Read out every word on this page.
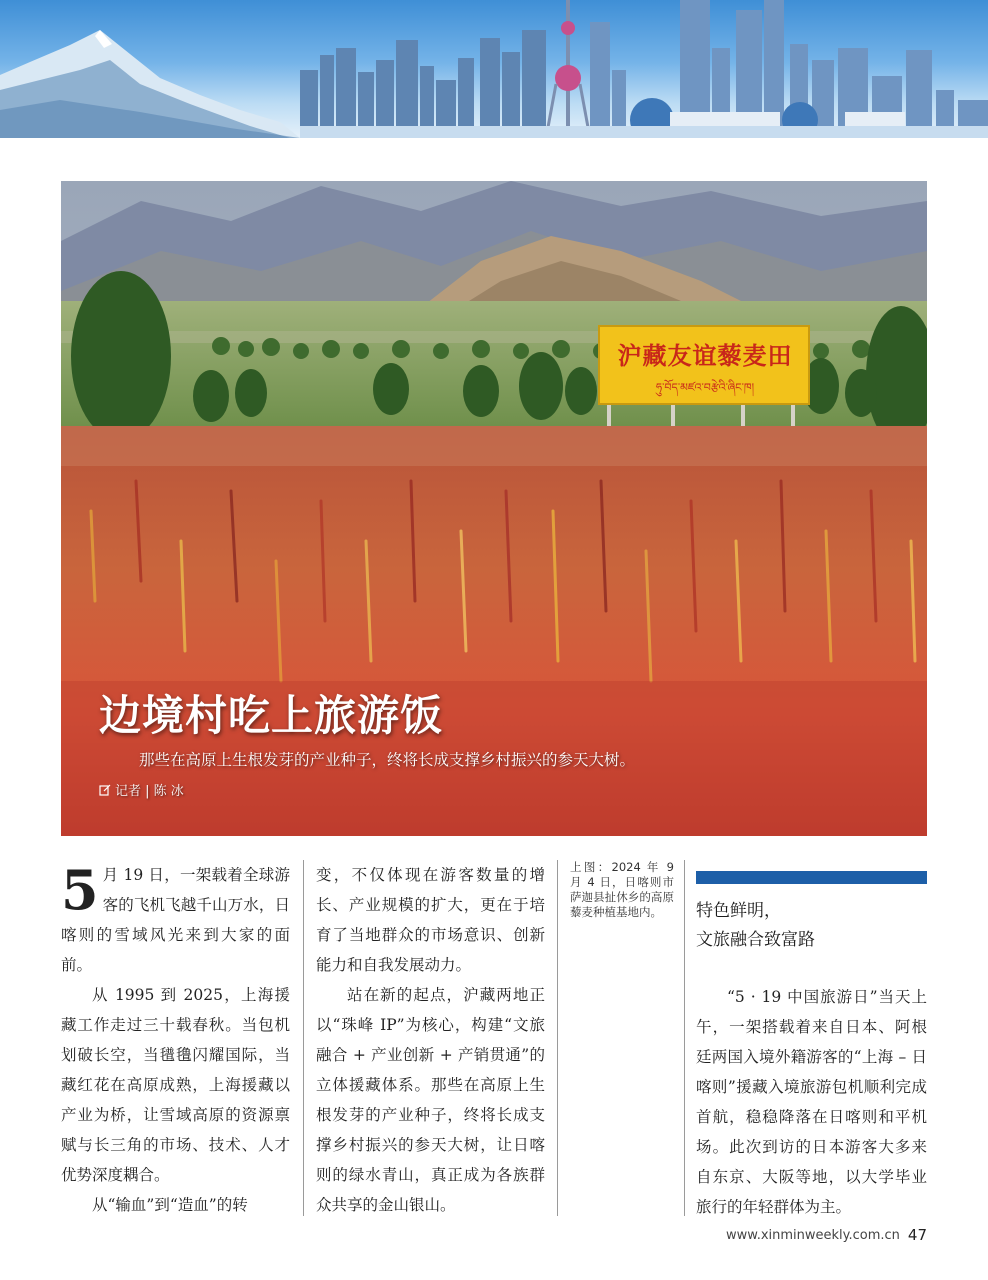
沪藏友谊藜麦田
ཧུ་བོད་མཛའ་བརྩེའི་ཞིང་ཁ།
边境村吃上旅游饭

那些在高原上生根发芽的产业种子，终将长成支撑乡村振兴的参天大树。

记者 | 陈 冰

5 月 19 日，一架载着全球游客的飞机飞越千山万水，日喀则的雪域风光来到大家的面前。

从 1995 到 2025，上海援藏工作走过三十载春秋。当包机划破长空，当氆氇闪耀国际，当藏红花在高原成熟，上海援藏以产业为桥，让雪域高原的资源禀赋与长三角的市场、技术、人才优势深度耦合。

从“输血”到“造血”的转

变，不仅体现在游客数量的增长、产业规模的扩大，更在于培育了当地群众的市场意识、创新能力和自我发展动力。

站在新的起点，沪藏两地正以“珠峰 IP”为核心，构建“文旅融合 + 产业创新 + 产销贯通”的立体援藏体系。那些在高原上生根发芽的产业种子，终将长成支撑乡村振兴的参天大树，让日喀则的绿水青山，真正成为各族群众共享的金山银山。

上图：2024 年 9 月 4 日，日喀则市萨迦县扯休乡的高原藜麦种植基地内。	特色鲜明，
文旅融合致富路

“5 · 19 中国旅游日”当天上午，一架搭载着来自日本、阿根廷两国入境外籍游客的“上海 – 日喀则”援藏入境旅游包机顺利完成首航，稳稳降落在日喀则和平机场。此次到访的日本游客大多来自东京、大阪等地，以大学毕业旅行的年轻群体为主。

www.xinminweekly.com.cn 47
